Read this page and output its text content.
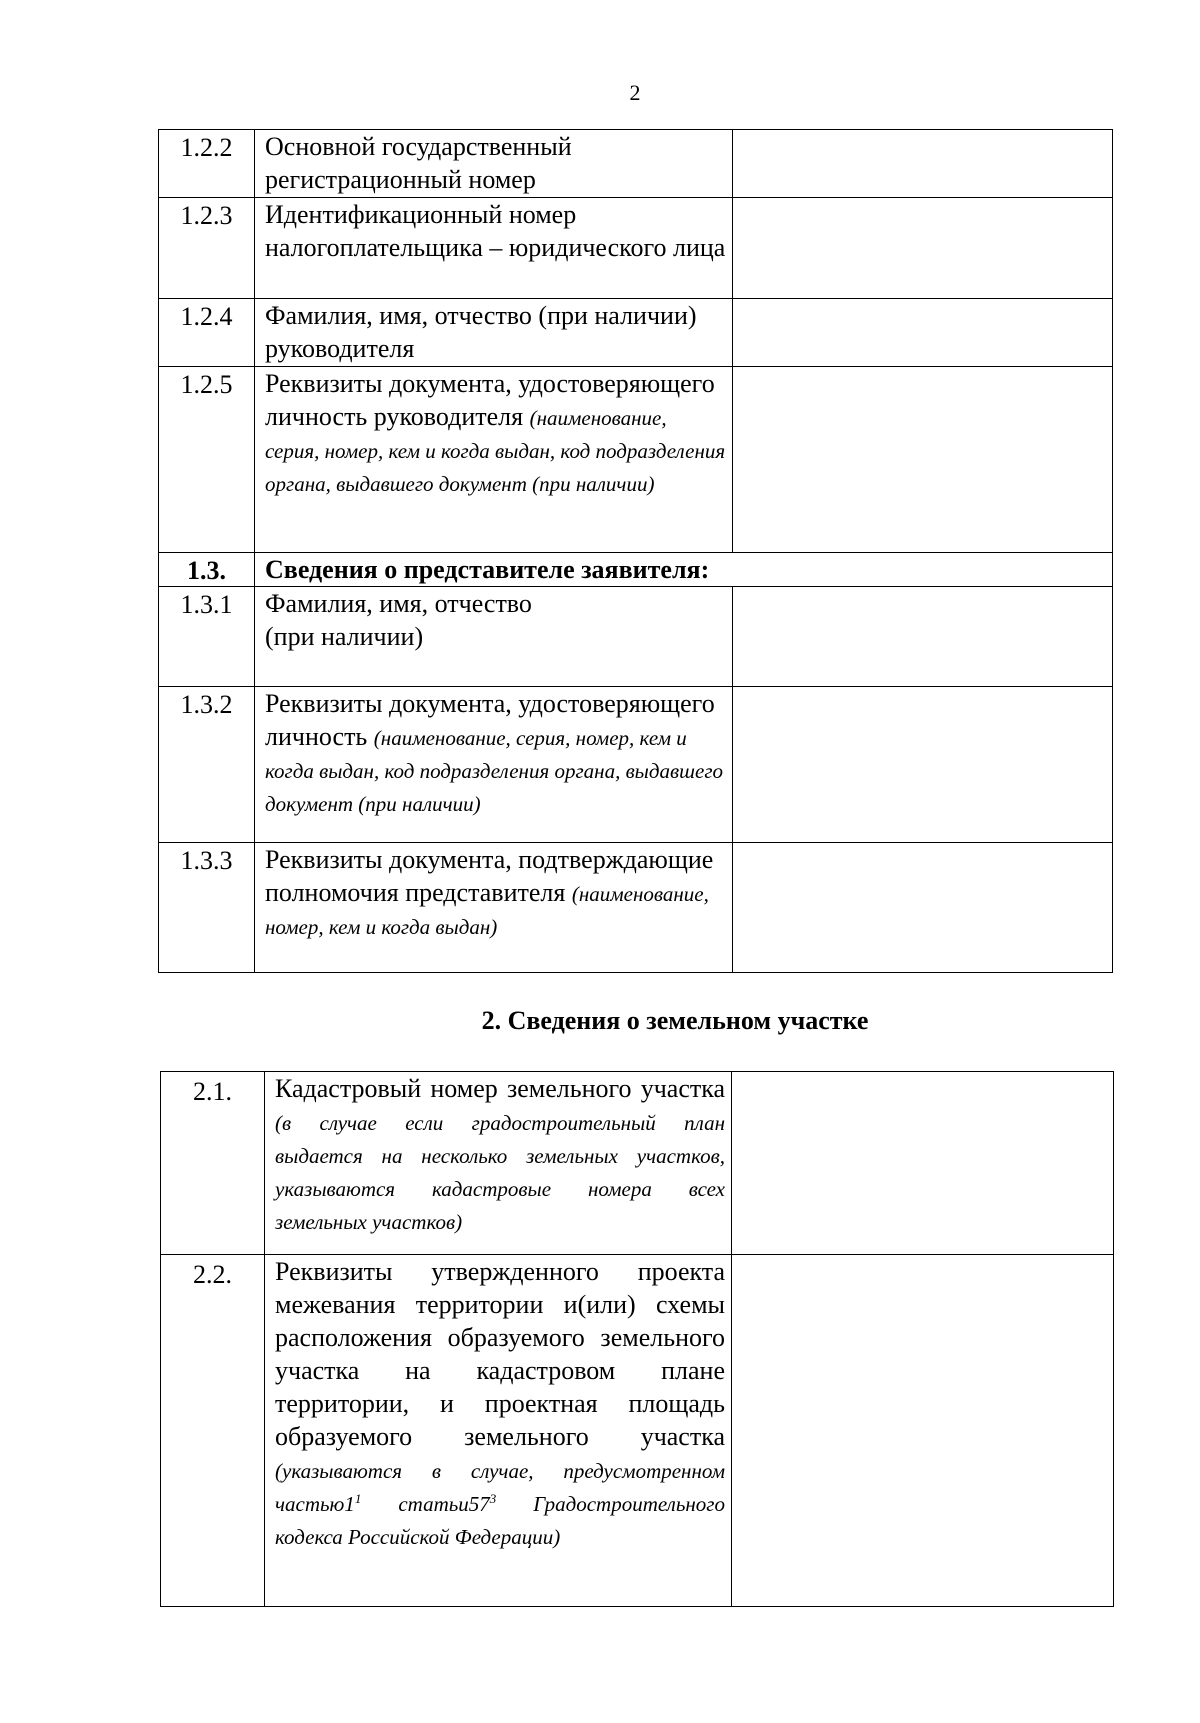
2
1.2.2	Основной государственный регистрационный номер	
1.2.3	Идентификационный номер налогоплательщика – юридического лица	
1.2.4	Фамилия, имя, отчество (при наличии) руководителя	
1.2.5	Реквизиты документа, удостоверяющего личность руководителя (наименование, серия, номер, кем и когда выдан, код подразделения органа, выдавшего документ (при наличии)	
1.3.	Сведения о представителе заявителя:	
1.3.1	Фамилия, имя, отчество (при наличии)	
1.3.2	Реквизиты документа, удостоверяющего личность (наименование, серия, номер, кем и когда выдан, код подразделения органа, выдавшего документ (при наличии)	
1.3.3	Реквизиты документа, подтверждающие полномочия представителя (наименование, номер, кем и когда выдан)	
2. Сведения о земельном участке
2.1.	Кадастровый номер земельного участка (в случае если градостроительный план выдается на несколько земельных участков, указываются кадастровые номера всех земельных участков)	
2.2.	Реквизиты утвержденного проекта межевания территории и(или) схемы расположения образуемого земельного участка на кадастровом плане территории, и проектная площадь образуемого земельного участка (указываются в случае, предусмотренном $частью1^1$ $статьи57^3$ Градостроительного кодекса Российской Федерации)	
